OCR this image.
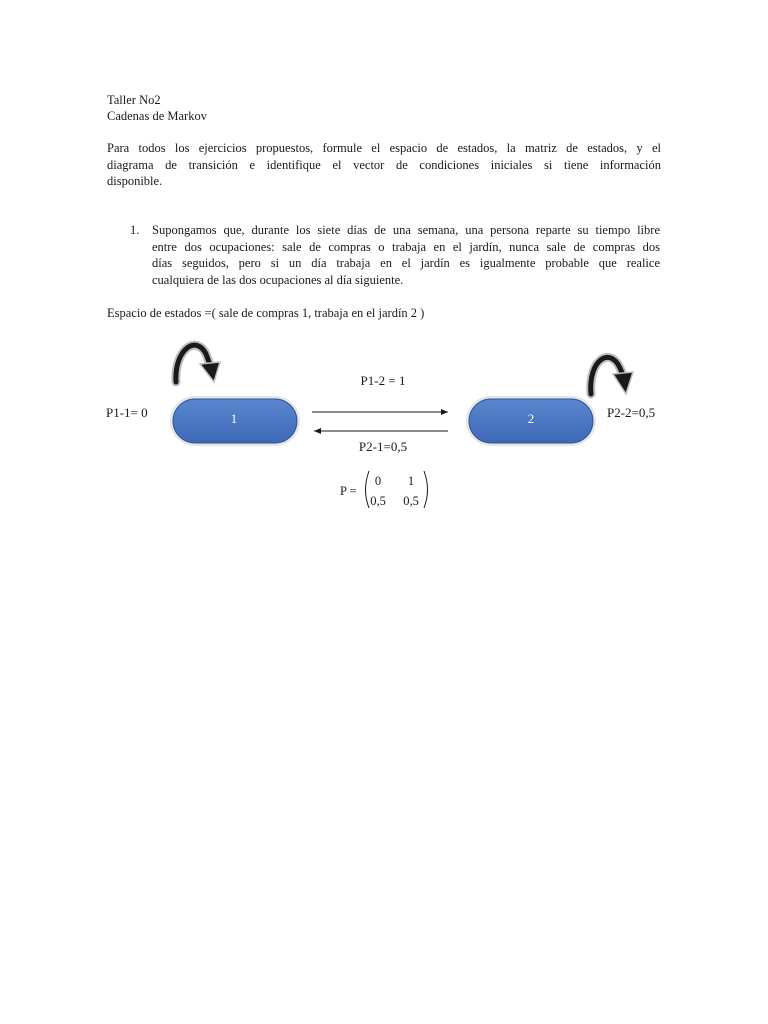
Taller No2
Cadenas de Markov
Para todos los ejercicios propuestos, formule el espacio de estados, la matriz de estados, y el
diagrama de transición e identifique el vector de condiciones iniciales si tiene información
disponible.
1. Supongamos que, durante los siete días de una semana, una persona reparte su tiempo libre
entre dos ocupaciones: sale de compras o trabaja en el jardín, nunca sale de compras dos
días seguidos, pero si un día trabaja en el jardín es igualmente probable que realice
cualquiera de las dos ocupaciones al día siguiente.
Espacio de estados =( sale de compras 1, trabaja en el jardín 2 )
1	2
P1-2 = 1
P2-1=0,5
P1-1= 0	P2-2=0,5
P =
0 1
0,5 0,5
